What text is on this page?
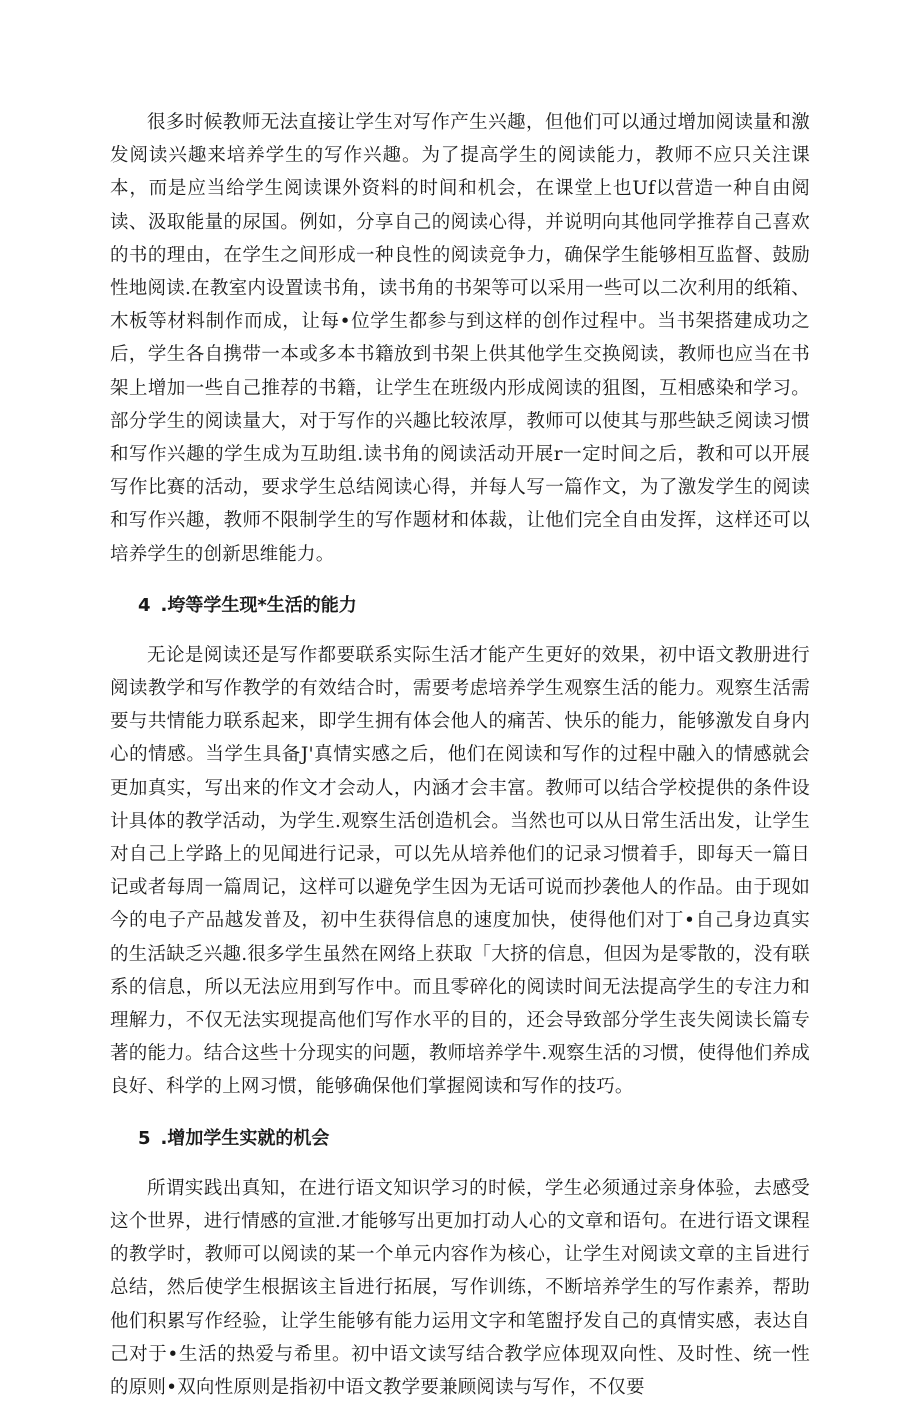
很多时候教师无法直接让学生对写作产生兴趣，但他们可以通过增加阅读量和激发阅读兴趣来培养学生的写作兴趣。为了提高学生的阅读能力，教师不应只关注课本，而是应当给学生阅读课外资料的时间和机会，在课堂上也Uf以营造一种自由阅读、汲取能量的尿国。例如，分享自己的阅读心得，并说明向其他同学推荐自己喜欢的书的理由，在学生之间形成一种良性的阅读竞争力，确保学生能够相互监督、鼓励性地阅读.在教室内设置读书角，读书角的书架等可以采用一些可以二次利用的纸箱、木板等材料制作而成，让每•位学生都参与到这样的创作过程中。当书架搭建成功之后，学生各自携带一本或多本书籍放到书架上供其他学生交换阅读，教师也应当在书架上增加一些自己推荐的书籍，让学生在班级内形成阅读的狙图，互相感染和学习。部分学生的阅读量大，对于写作的兴趣比较浓厚，教师可以使其与那些缺乏阅读习惯和写作兴趣的学生成为互助组.读书角的阅读活动开展r一定时间之后，教和可以开展写作比赛的活动，要求学生总结阅读心得，并每人写一篇作文，为了激发学生的阅读和写作兴趣，教师不限制学生的写作题材和体裁，让他们完全自由发挥，这样还可以培养学生的创新思维能力。

4 .垮等学生现*生活的能力

无论是阅读还是写作都要联系实际生活才能产生更好的效果，初中语文教册进行阅读教学和写作教学的有效结合时，需要考虑培养学生观察生活的能力。观察生活需要与共情能力联系起来，即学生拥有体会他人的痛苦、快乐的能力，能够激发自身内心的情感。当学生具备J'真情实感之后，他们在阅读和写作的过程中融入的情感就会更加真实，写出来的作文才会动人，内涵才会丰富。教师可以结合学校提供的条件设计具体的教学活动，为学生.观察生活创造机会。当然也可以从日常生活出发，让学生对自己上学路上的见闻进行记录，可以先从培养他们的记录习惯着手，即每天一篇日记或者每周一篇周记，这样可以避免学生因为无话可说而抄袭他人的作品。由于现如今的电子产品越发普及，初中生获得信息的速度加快，使得他们对丁•自己身边真实的生活缺乏兴趣.很多学生虽然在网络上获取「大挤的信息，但因为是零散的，没有联系的信息，所以无法应用到写作中。而且零碎化的阅读时间无法提高学生的专注力和理解力，不仅无法实现提高他们写作水平的目的，还会导致部分学生丧失阅读长篇专著的能力。结合这些十分现实的问题，教师培养学牛.观察生活的习惯，使得他们养成良好、科学的上网习惯，能够确保他们掌握阅读和写作的技巧。

5 .增加学生实就的机会

所谓实践出真知，在进行语文知识学习的时候，学生必须通过亲身体验，去感受这个世界，进行情感的宣泄.才能够写出更加打动人心的文章和语句。在进行语文课程的教学时，教师可以阅读的某一个单元内容作为核心，让学生对阅读文章的主旨进行总结，然后使学生根据该主旨进行拓展，写作训练，不断培养学生的写作素养，帮助他们积累写作经验，让学生能够有能力运用文字和笔盥抒发自己的真情实感，表达自己对于•生活的热爱与希里。初中语文读写结合教学应体现双向性、及时性、统一性的原则•双向性原则是指初中语文教学要兼顾阅读与写作，不仅要
